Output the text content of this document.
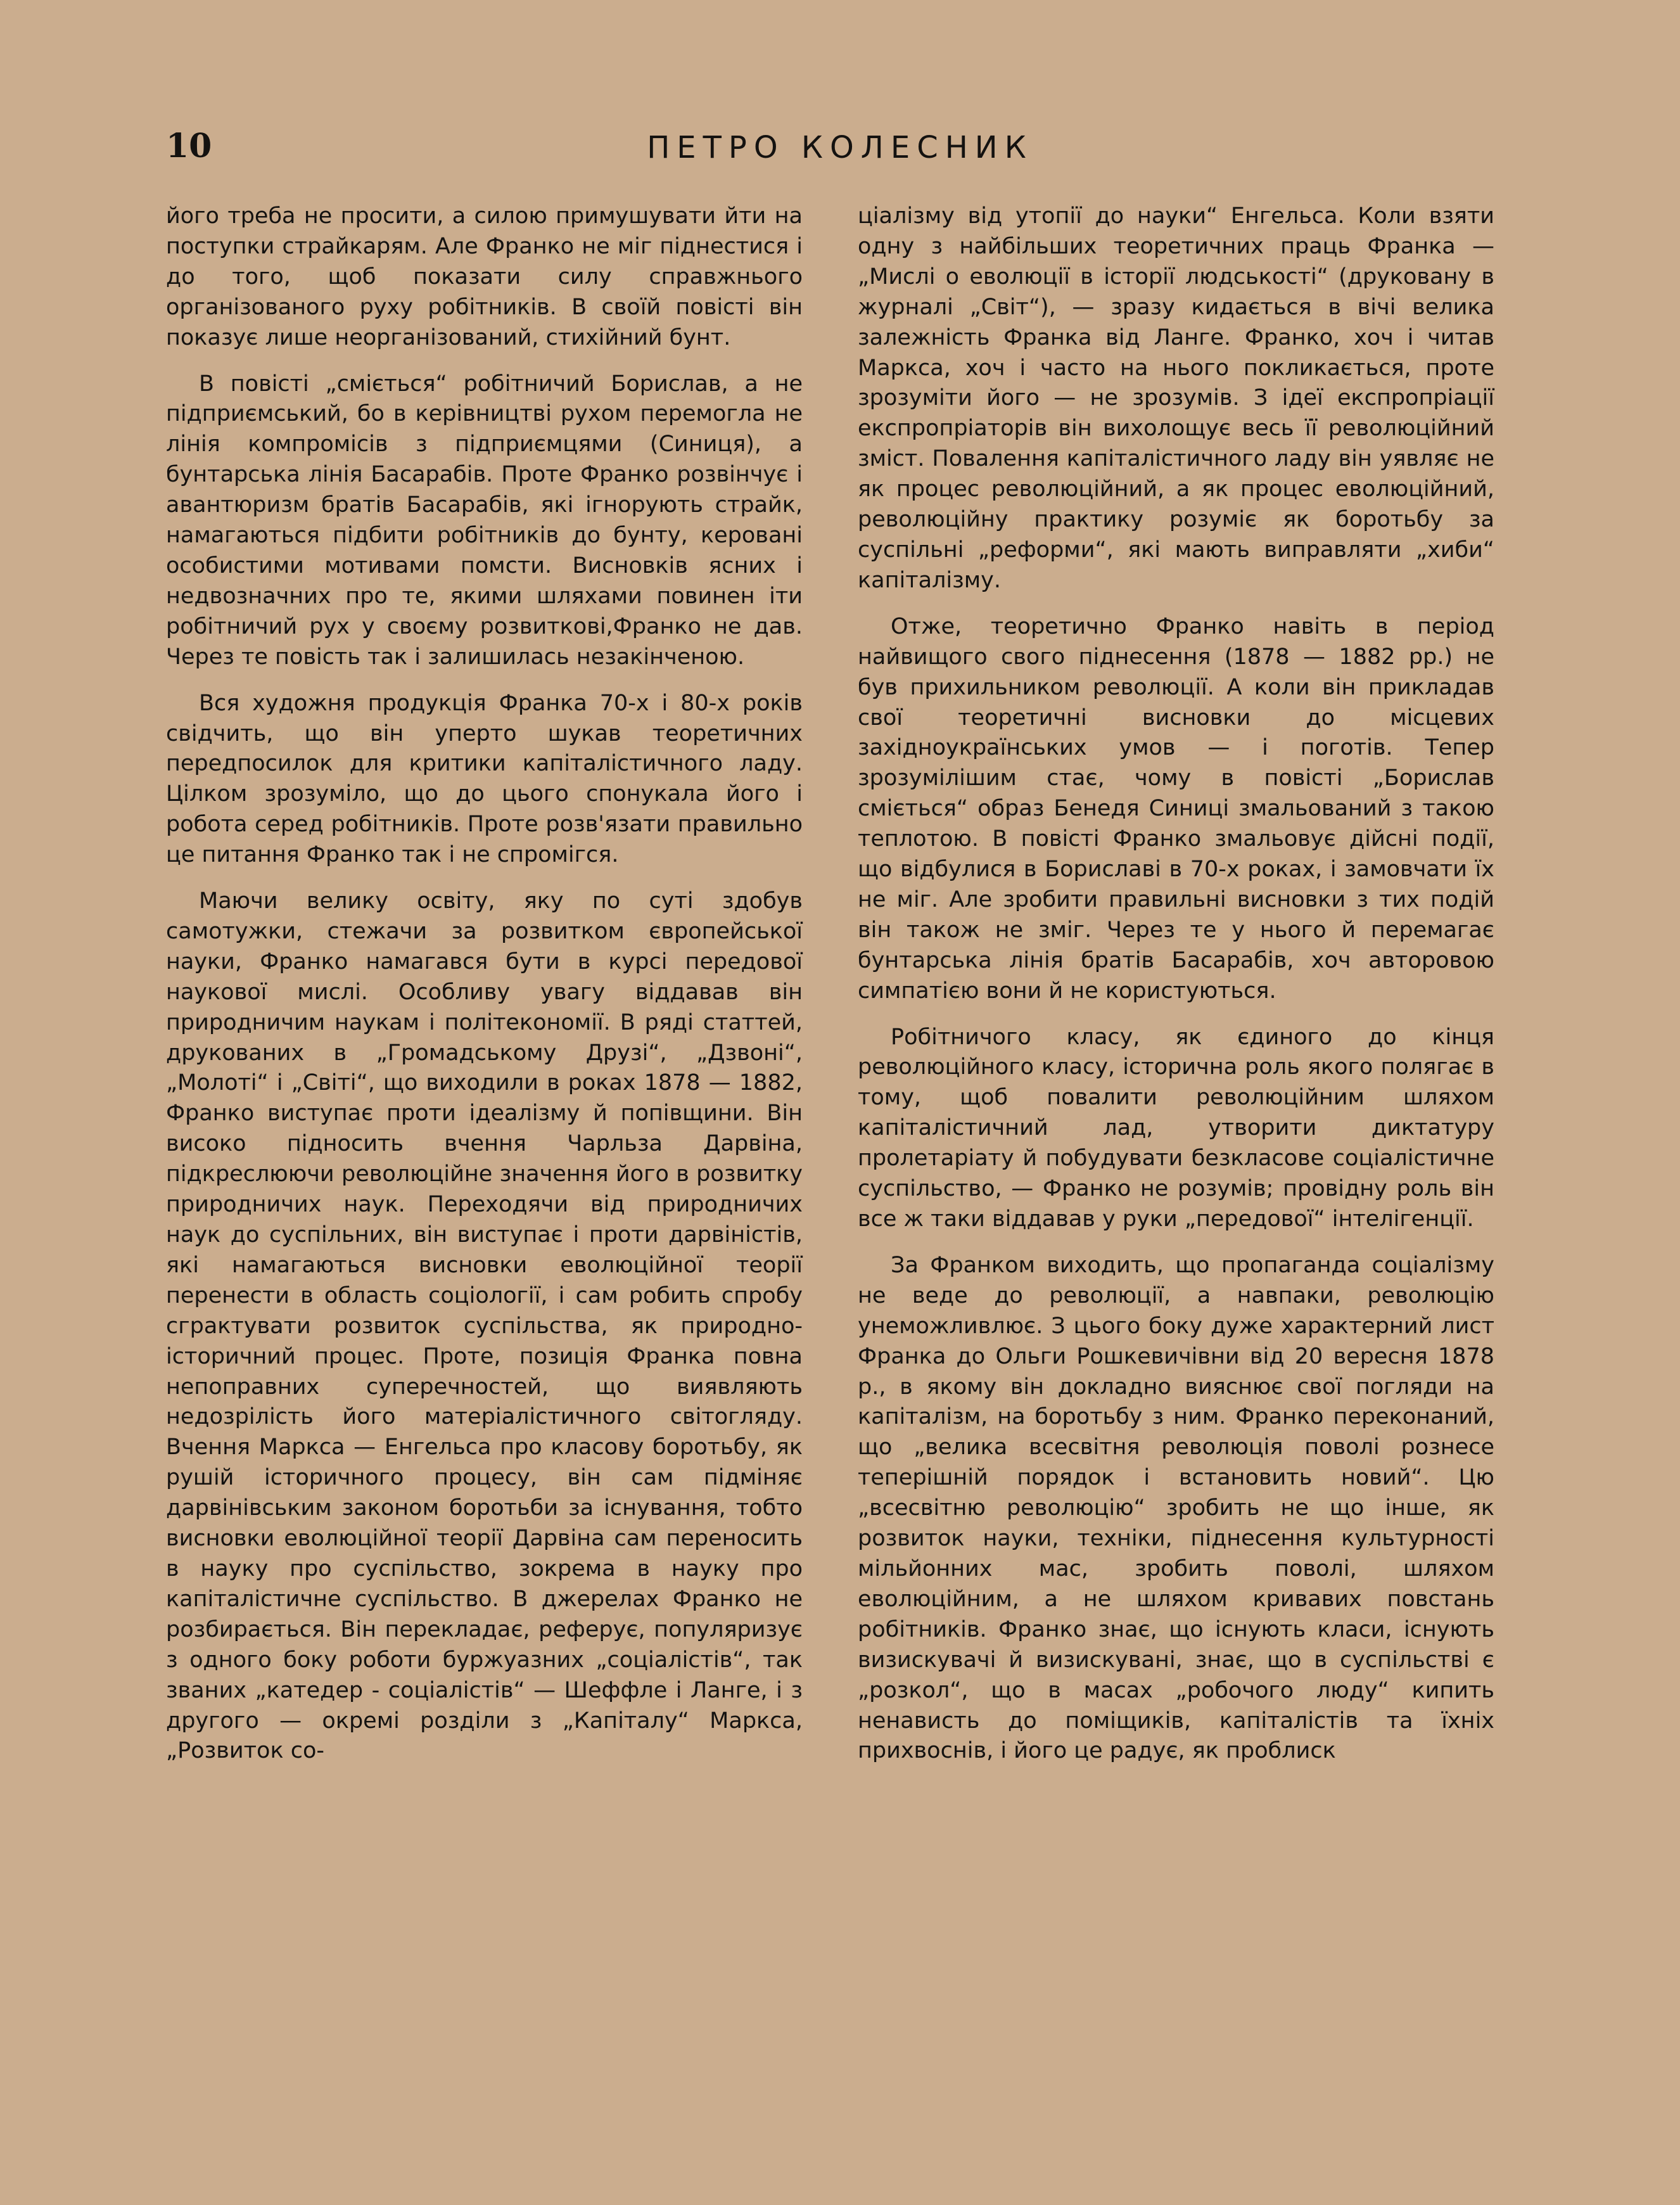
10	ПЕТРО КОЛЕСНИК

його треба не просити, а силою примушувати йти на поступки страйкарям. Але Франко не міг піднестися і до того, щоб показати силу справжнього організованого руху робітників. В своїй повісті він показує лише неорганізований, стихійний бунт.

В повісті „сміється“ робітничий Борислав, а не підприємський, бо в керівництві рухом перемогла не лінія компромісів з підприємцями (Синиця), а бунтарська лінія Басарабів. Проте Франко розвінчує і авантюризм братів Басарабів, які ігнорують страйк, намагаються підбити робітників до бунту, керовані особистими мотивами помсти. Висновків ясних і недвозначних про те, якими шляхами повинен іти робітничий рух у своєму розвиткові,Франко не дав. Через те повість так і залишилась незакінченою.

Вся художня продукція Франка 70-х і 80-х років свідчить, що він уперто шукав теоретичних передпосилок для критики капіталістичного ладу. Цілком зрозуміло, що до цього спонукала його і робота серед робітників. Проте розв'язати правильно це питання Франко так і не спромігся.

Маючи велику освіту, яку по суті здобув самотужки, стежачи за розвитком європейської науки, Франко намагався бути в курсі передової наукової мислі. Особливу увагу віддавав він природничим наукам і політекономії. В ряді статтей, друкованих в „Громадському Друзі“, „Дзвоні“, „Молоті“ і „Світі“, що виходили в роках 1878 — 1882, Франко виступає проти ідеалізму й попівщини. Він високо підносить вчення Чарльза Дарвіна, підкреслюючи революційне значення його в розвитку природничих наук. Переходячи від природничих наук до суспільних, він виступає і проти дарвіністів, які намагаються висновки еволюційної теорії перенести в область соціології, і сам робить спробу сграктувати розвиток суспільства, як природно-історичний процес. Проте, позиція Франка повна непоправних суперечностей, що виявляють недозрілість його матеріалістичного світогляду. Вчення Маркса — Енгельса про класову боротьбу, як рушій історичного процесу, він сам підміняє дарвінівським законом боротьби за існування, тобто висновки еволюційної теорії Дарвіна сам переносить в науку про суспільство, зокрема в науку про капіталістичне суспільство. В джерелах Франко не розбирається. Він перекладає, реферує, популяризує з одного боку роботи буржуазних „соціалістів“, так званих „катедер - соціалістів“ — Шеффле і Ланге, і з другого — окремі розділи з „Капіталу“ Маркса, „Розвиток со-

ціалізму від утопії до науки“ Енгельса. Коли взяти одну з найбільших теоретичних праць Франка — „Мислі о еволюції в історії людськості“ (друковану в журналі „Світ“), — зразу кидається в вічі велика залежність Франка від Ланге. Франко, хоч і читав Маркса, хоч і часто на нього покликається, проте зрозуміти його — не зрозумів. З ідеї експропріації експропріаторів він вихолощує весь її революційний зміст. Повалення капіталістичного ладу він уявляє не як процес революційний, а як процес еволюційний, революційну практику розуміє як боротьбу за суспільні „реформи“, які мають виправляти „хиби“ капіталізму.

Отже, теоретично Франко навіть в період найвищого свого піднесення (1878 — 1882 рр.) не був прихильником революції. А коли він прикладав свої теоретичні висновки до місцевих західноукраїнських умов — і поготів. Тепер зрозумілішим стає, чому в повісті „Борислав сміється“ образ Бенедя Синиці змальований з такою теплотою. В повісті Франко змальовує дійсні події, що відбулися в Бориславі в 70-х роках, і замовчати їх не міг. Але зробити правильні висновки з тих подій він також не зміг. Через те у нього й перемагає бунтарська лінія братів Басарабів, хоч авторовою симпатією вони й не користуються.

Робітничого класу, як єдиного до кінця революційного класу, історична роль якого полягає в тому, щоб повалити революційним шляхом капіталістичний лад, утворити диктатуру пролетаріату й побудувати безкласове соціалістичне суспільство, — Франко не розумів; провідну роль він все ж таки віддавав у руки „передової“ інтелігенції.

За Франком виходить, що пропаганда соціалізму не веде до революції, а навпаки, революцію унеможливлює. З цього боку дуже характерний лист Франка до Ольги Рошкевичівни від 20 вересня 1878 р., в якому він докладно вияснює свої погляди на капіталізм, на боротьбу з ним. Франко переконаний, що „велика всесвітня революція поволі рознесе теперішній порядок і встановить новий“. Цю „всесвітню революцію“ зробить не що інше, як розвиток науки, техніки, піднесення культурності мільйонних мас, зробить поволі, шляхом еволюційним, а не шляхом кривавих повстань робітників. Франко знає, що існують класи, існують визискувачі й визискувані, знає, що в суспільстві є „розкол“, що в масах „робочого люду“ кипить ненависть до поміщиків, капіталістів та їхніх прихвоснів, і його це радує, як проблиск
